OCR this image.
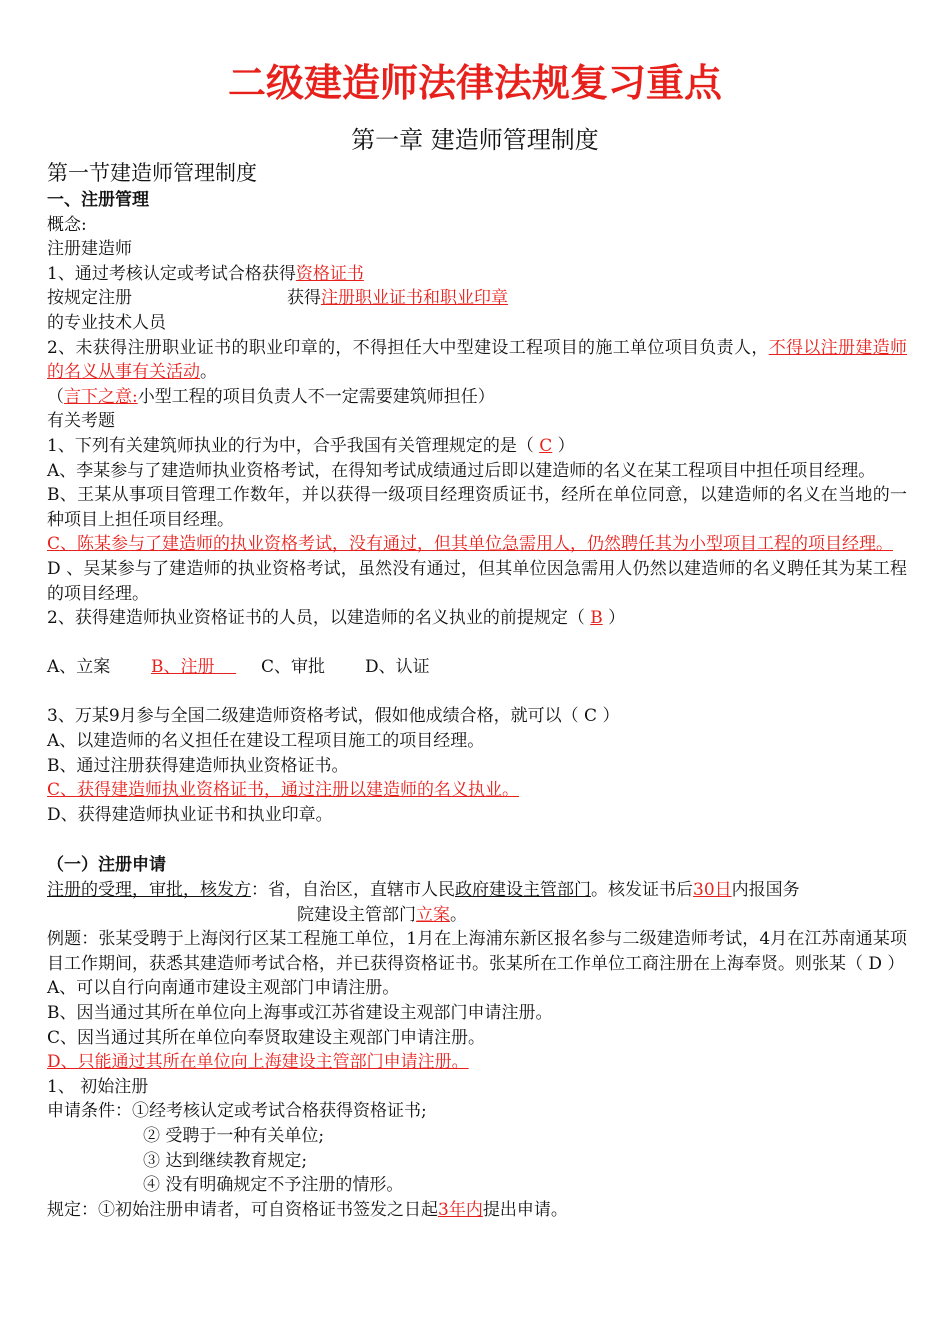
二级建造师法律法规复习重点
第一章 建造师管理制度
第一节建造师管理制度
一、注册管理
概念:
注册建造师
1、通过考核认定或考试合格获得资格证书
按规定注册	获得注册职业证书和职业印章
的专业技术人员
2、未获得注册职业证书的职业印章的，不得担任大中型建设工程项目的施工单位项目负责人，不得以注册建造师的名义从事有关活动。
（言下之意:小型工程的项目负责人不一定需要建筑师担任）
有关考题
1、下列有关建筑师执业的行为中，合乎我国有关管理规定的是（ C ）
A、李某参与了建造师执业资格考试，在得知考试成绩通过后即以建造师的名义在某工程项目中担任项目经理。
B、王某从事项目管理工作数年，并以获得一级项目经理资质证书，经所在单位同意，以建造师的名义在当地的一种项目上担任项目经理。
C、陈某参与了建造师的执业资格考试，没有通过，但其单位急需用人，仍然聘任其为小型项目工程的项目经理。
D 、吴某参与了建造师的执业资格考试，虽然没有通过，但其单位因急需用人仍然以建造师的名义聘任其为某工程的项目经理。
2、获得建造师执业资格证书的人员，以建造师的名义执业的前提规定（ B ）
A、立案 B、注册    C、审批 D、认证
3、万某9月参与全国二级建造师资格考试，假如他成绩合格，就可以（ C ）
A、以建造师的名义担任在建设工程项目施工的项目经理。
B、通过注册获得建造师执业资格证书。
C、获得建造师执业资格证书，通过注册以建造师的名义执业。
D、获得建造师执业证书和执业印章。
（一）注册申请
注册的受理，审批，核发方：省，自治区，直辖市人民政府建设主管部门。核发证书后30日内报国务
院建设主管部门立案。
例题：张某受聘于上海闵行区某工程施工单位，1月在上海浦东新区报名参与二级建造师考试，4月在江苏南通某项目工作期间，获悉其建造师考试合格，并已获得资格证书。张某所在工作单位工商注册在上海奉贤。则张某（ D ）
A、可以自行向南通市建设主观部门申请注册。
B、因当通过其所在单位向上海事或江苏省建设主观部门申请注册。
C、因当通过其所在单位向奉贤取建设主观部门申请注册。
D、只能通过其所在单位向上海建设主管部门申请注册。
1、 初始注册
申请条件：①经考核认定或考试合格获得资格证书;
② 受聘于一种有关单位;
③ 达到继续教育规定;
④ 没有明确规定不予注册的情形。
规定：①初始注册申请者，可自资格证书签发之日起3年内提出申请。
